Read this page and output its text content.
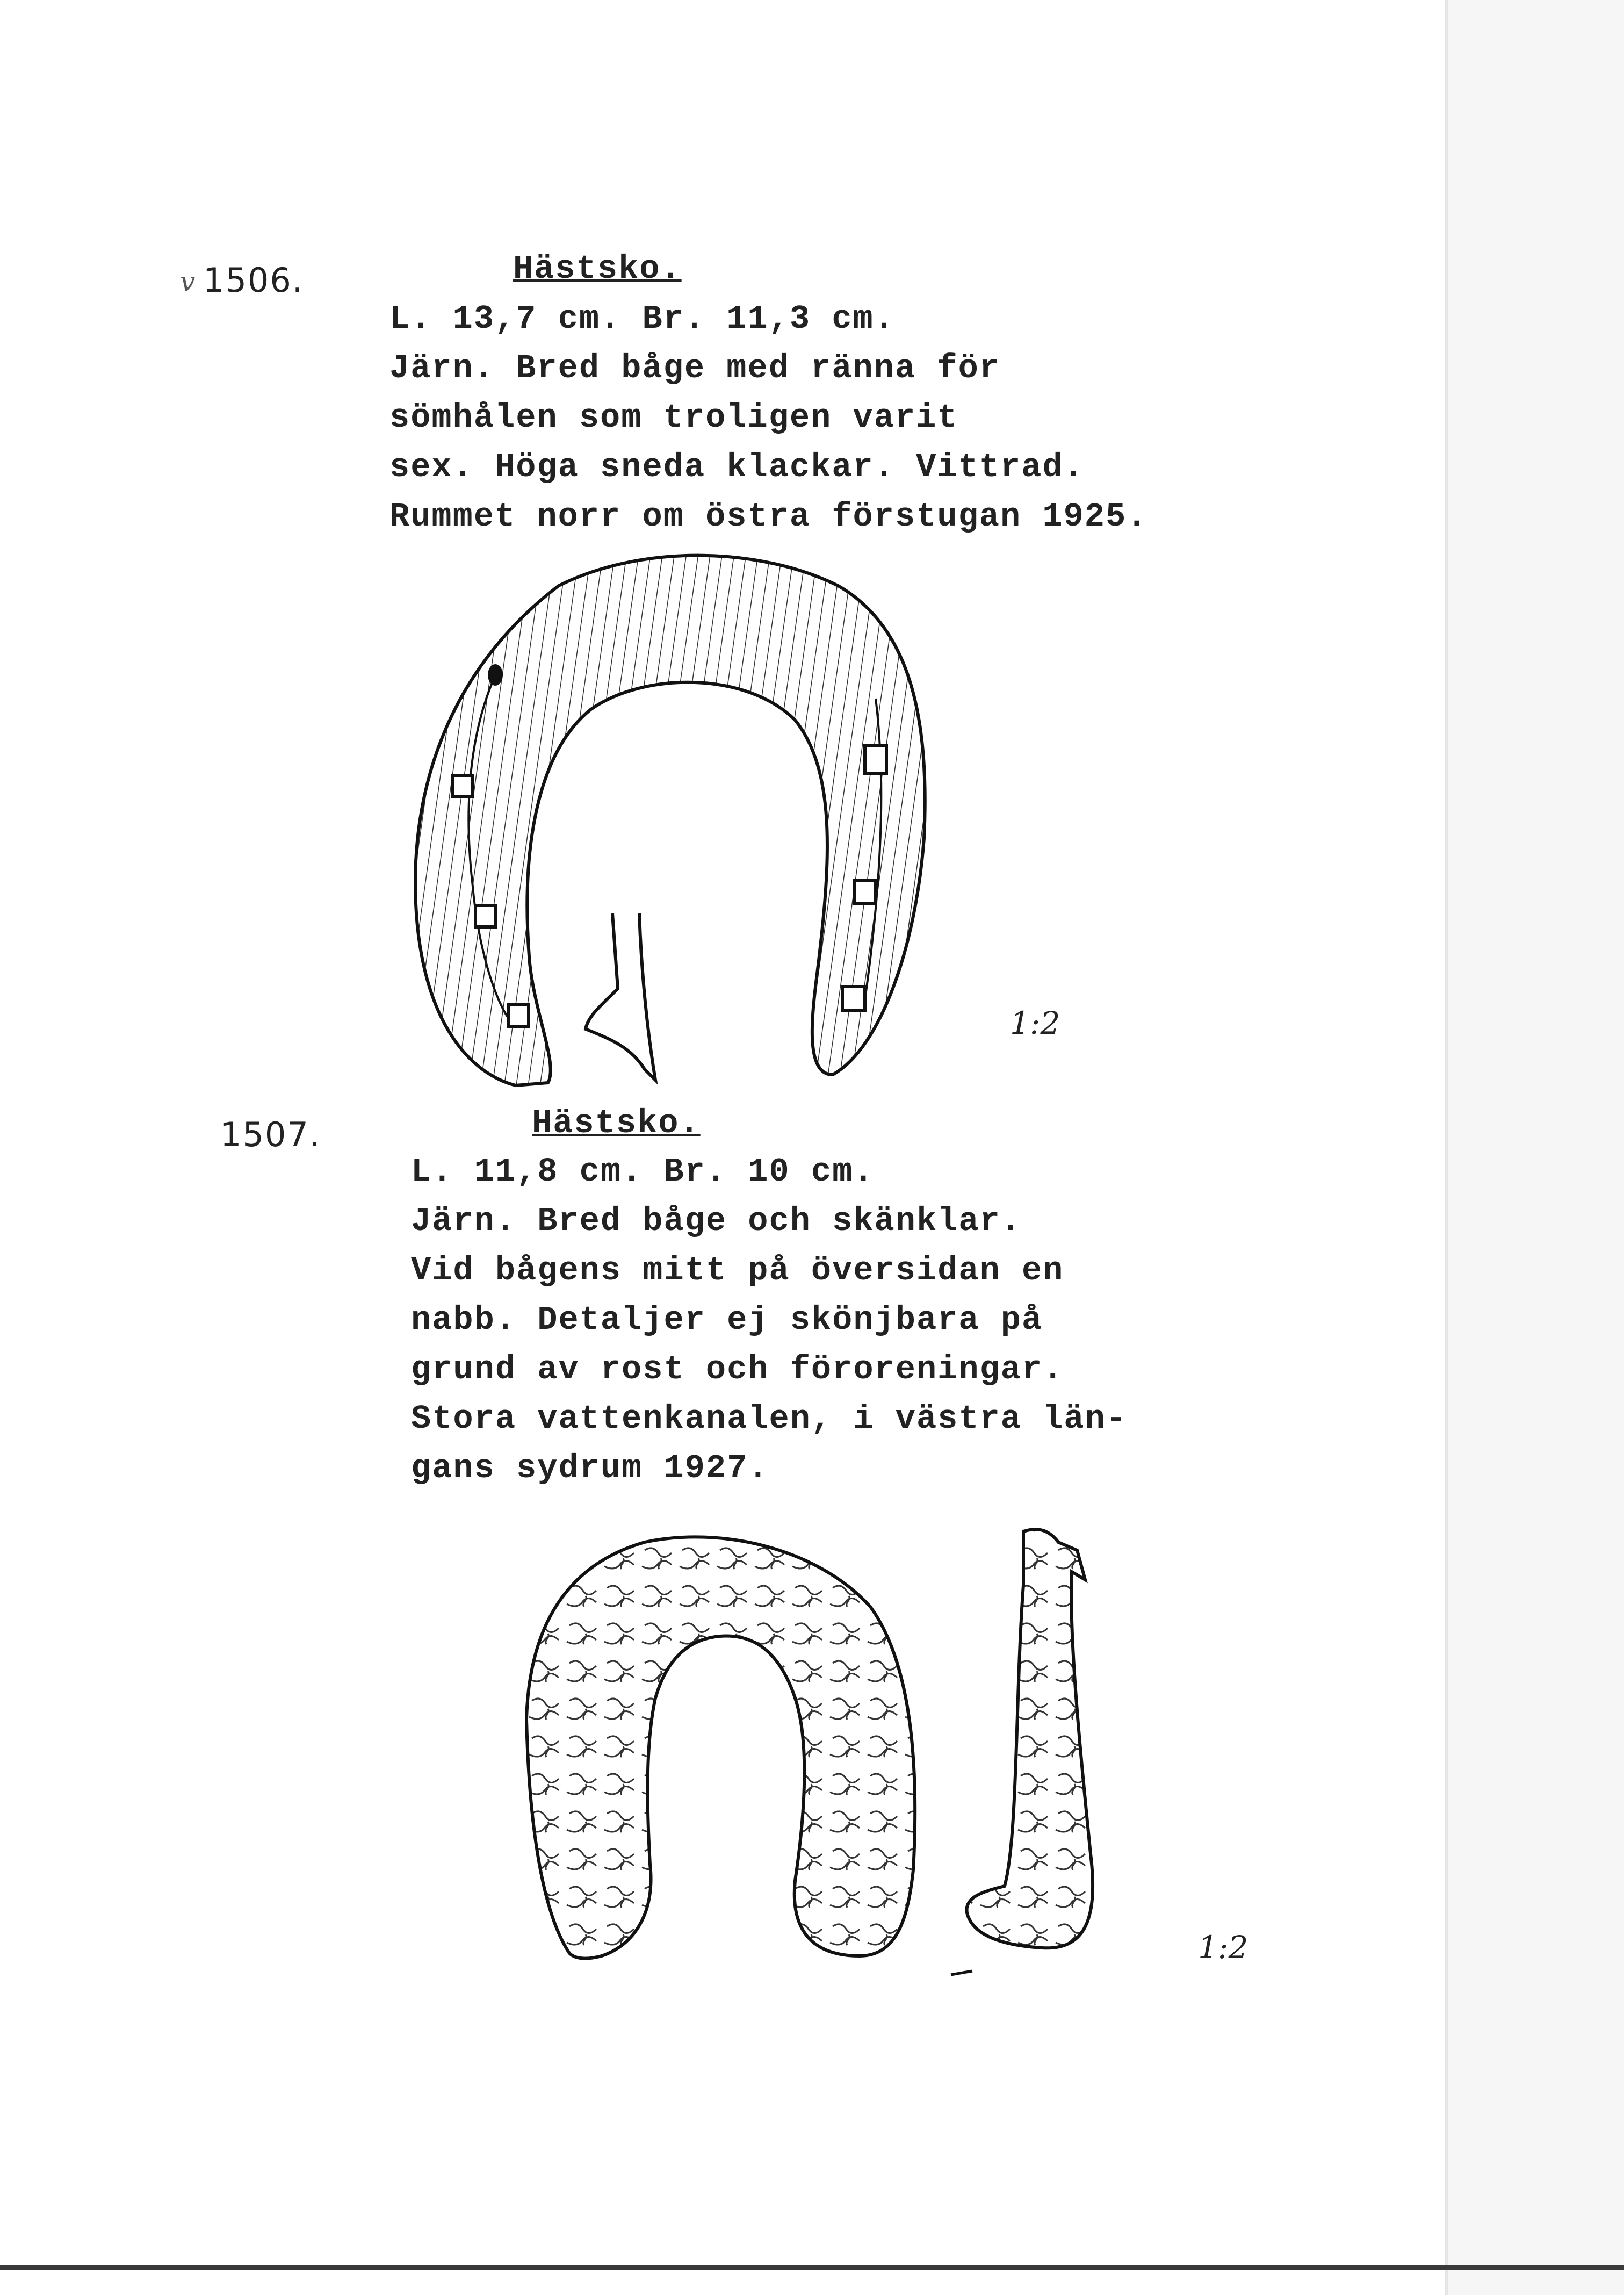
v 1506.	Hästsko.
L. 13,7 cm. Br. 11,3 cm.
Järn. Bred båge med ränna för
sömhålen som troligen varit
sex. Höga sneda klackar. Vittrad.
Rummet norr om östra förstugan 1925.
1:2
1507.	Hästsko.
L. 11,8 cm. Br. 10 cm.
Järn. Bred båge och skänklar.
Vid bågens mitt på översidan en
nabb. Detaljer ej skönjbara på
grund av rost och föroreningar.
Stora vattenkanalen, i västra län-
gans sydrum 1927.
1:2
